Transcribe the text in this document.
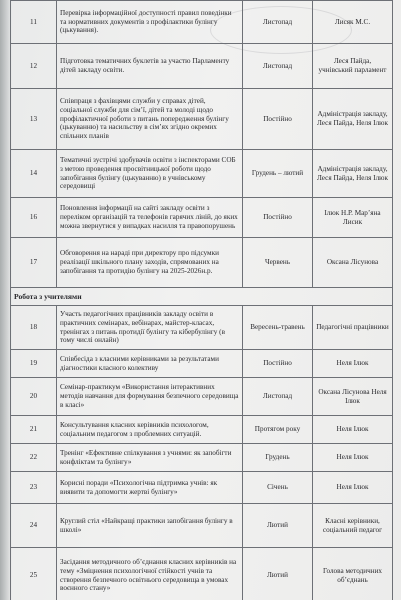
11	Перевірка інформаційної доступності правил поведінки та нормативних документів з профілактики булінгу (цькування).	Листопад	Лисяк М.С.
12	Підготовка тематичних буклетів за участю Парламенту дітей закладу освіти.	Листопад	Леся Пайда, учнівський парламент
13	Співпраця з фахівцями служби у справах дітей, соціальної служби для сім’ї, дітей та молоді щодо профілактичної роботи з питань попередження булінгу (цькуванню) та насильству в сім’ях згідно окремих спільних планів	Постійно	Адміністрація закладу, Леся Пайда, Неля Ілюк
14	Тематичні зустрічі здобувачів освіти з інспекторами СОБ з метою проведення просвітницької роботи щодо запобігання булінгу (цькуванню) в учнівському середовищі	Грудень – лютий	Адміністрація закладу, Леся Пайда, Неля Ілюк
16	Поновлення інформації на сайті закладу освіти з переліком організацій та телефонів гарячих ліній, до яких можна звернутися у випадках насилля та правопорушень	Постійно	Ілюк Н.Р. Мар’яна Лисик
17	Обговорення на нараді при директору про підсумки реалізації шкільного плану заходів, спрямованих на запобігання та протидію булінгу на 2025-2026н.р.	Червень	Оксана Лісунова
Робота з учителями			
18	Участь педагогічних працівників закладу освіти в практичних семінарах, вебінарах, майстер-класах, тренінгах з питань протидії булінгу та кібербулінгу (в тому числі онлайн)	Вересень-травень	Педагогічні працівники
19	Співбесіда з класними керівниками за результатами діагностики класного колективу	Постійно	Неля Ілюк
20	Семінар-практикум «Використання інтерактивних методів навчання для формування безпечного середовища в класі»	Листопад	Оксана Лісунова Неля Ілюк
21	Консультування класних керівників психологом, соціальним педагогом з проблемних ситуацій.	Протягом року	Неля Ілюк
22	Тренінг «Ефективне спілкування з учнями: як запобігти конфліктам та булінгу»	Грудень	Неля Ілюк
23	Корисні поради «Психологічна підтримка учнів: як виявити та допомогти жертві булінгу»	Січень	Неля Ілюк
24	Круглий стіл «Найкращі практики запобігання булінгу в школі»	Лютий	Класні керівники, соціальний педагог
25	Засідання методичного об’єднання класних керівників на тему «Зміцнення психологічної стійкості учнів та створення безпечного освітнього середовища в умовах воєнного стану»	Лютий	Голова методичних об’єднань
